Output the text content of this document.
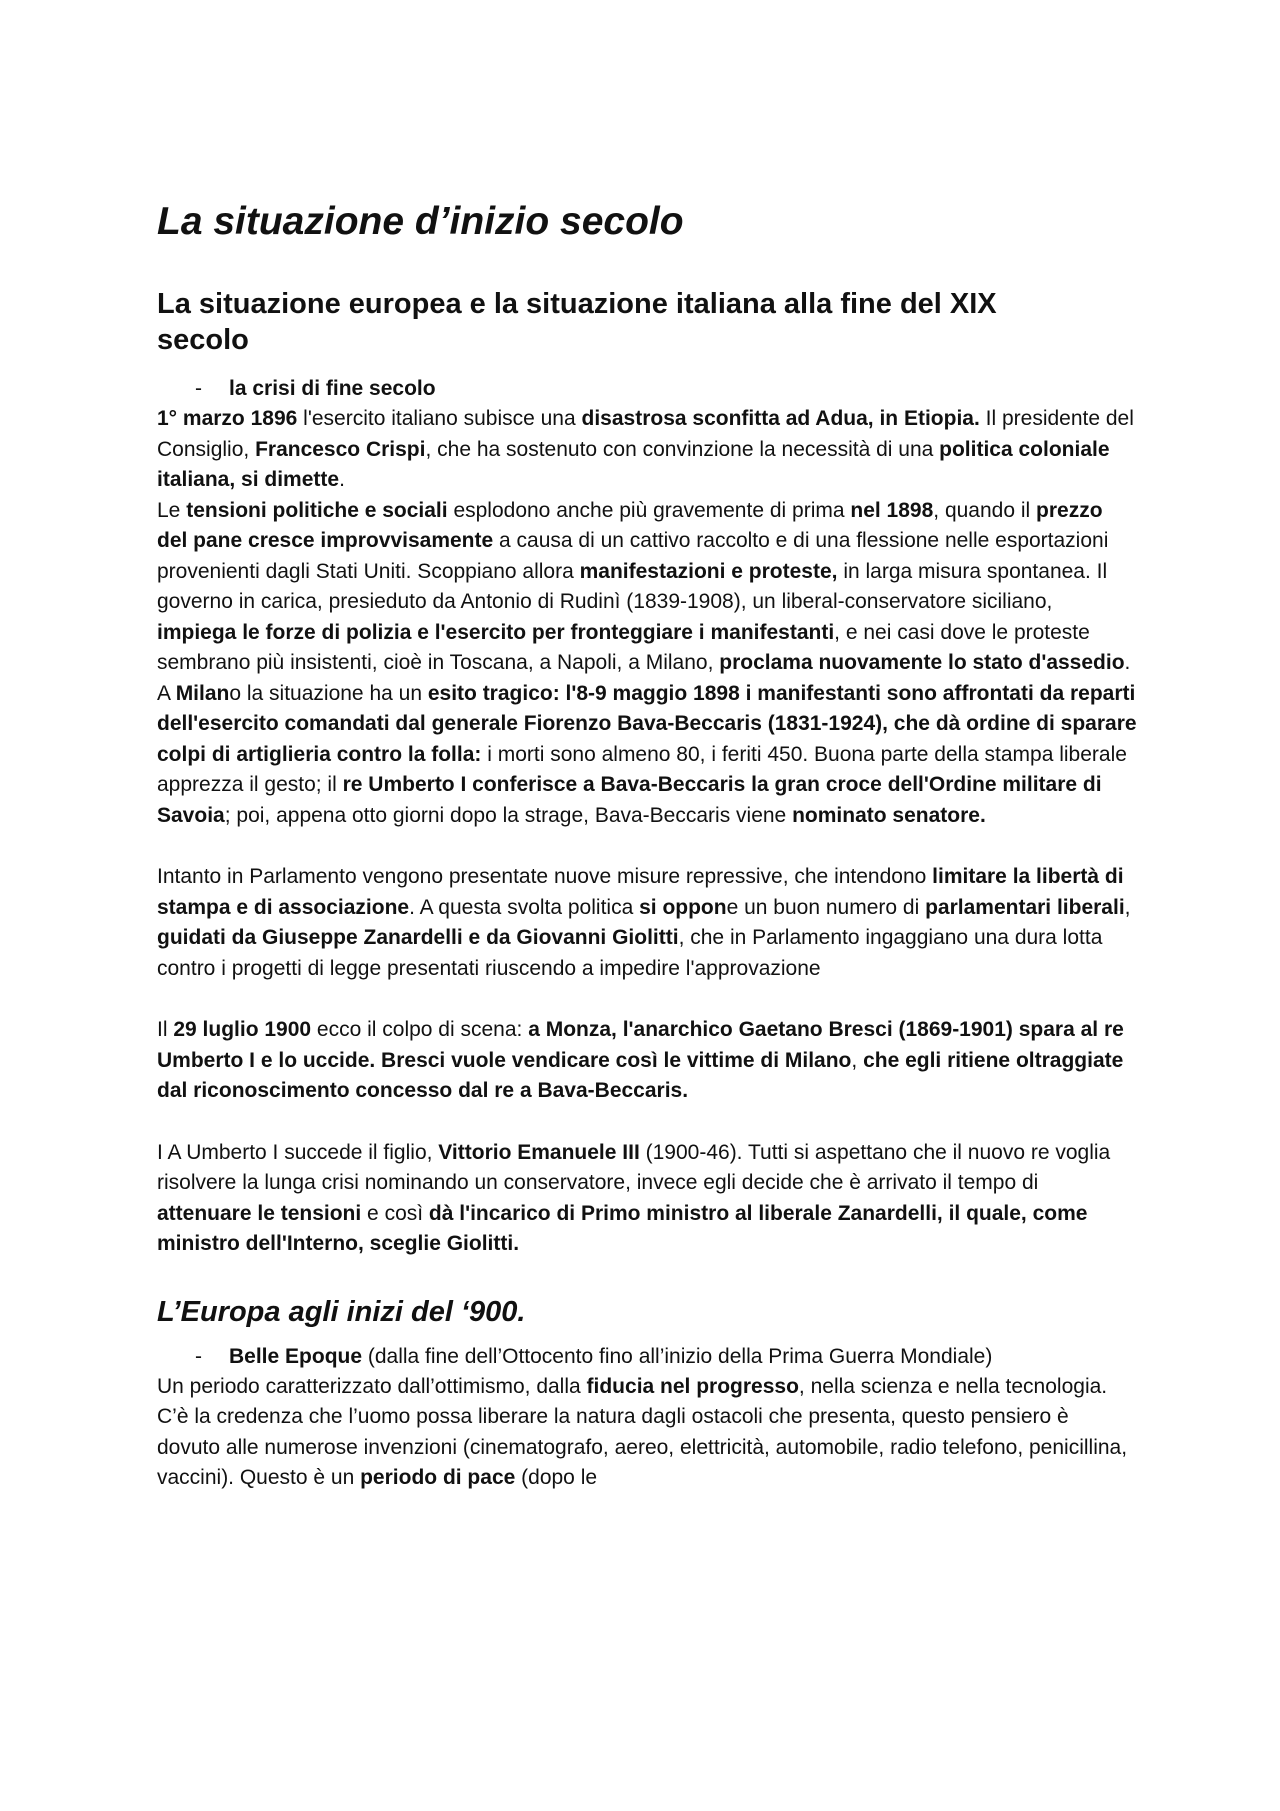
La situazione d’inizio secolo
La situazione europea e la situazione italiana alla fine del XIX secolo
- la crisi di fine secolo

1° marzo 1896 l'esercito italiano subisce una disastrosa sconfitta ad Adua, in Etiopia. Il presidente del Consiglio, Francesco Crispi, che ha sostenuto con convinzione la necessità di una politica coloniale italiana, si dimette.

Le tensioni politiche e sociali esplodono anche più gravemente di prima nel 1898, quando il prezzo del pane cresce improvvisamente a causa di un cattivo raccolto e di una flessione nelle esportazioni provenienti dagli Stati Uniti. Scoppiano allora manifestazioni e proteste, in larga misura spontanea. Il governo in carica, presieduto da Antonio di Rudinì (1839-1908), un liberal-conservatore siciliano, impiega le forze di polizia e l'esercito per fronteggiare i manifestanti, e nei casi dove le proteste sembrano più insistenti, cioè in Toscana, a Napoli, a Milano, proclama nuovamente lo stato d'assedio. A Milano la situazione ha un esito tragico: l'8-9 maggio 1898 i manifestanti sono affrontati da reparti dell'esercito comandati dal generale Fiorenzo Bava-Beccaris (1831-1924), che dà ordine di sparare colpi di artiglieria contro la folla: i morti sono almeno 80, i feriti 450. Buona parte della stampa liberale apprezza il gesto; il re Umberto I conferisce a Bava-Beccaris la gran croce dell'Ordine militare di Savoia; poi, appena otto giorni dopo la strage, Bava-Beccaris viene nominato senatore.

Intanto in Parlamento vengono presentate nuove misure repressive, che intendono limitare la libertà di stampa e di associazione. A questa svolta politica si oppone un buon numero di parlamentari liberali, guidati da Giuseppe Zanardelli e da Giovanni Giolitti, che in Parlamento ingaggiano una dura lotta contro i progetti di legge presentati riuscendo a impedire l'approvazione

Il 29 luglio 1900 ecco il colpo di scena: a Monza, l'anarchico Gaetano Bresci (1869-1901) spara al re Umberto I e lo uccide. Bresci vuole vendicare così le vittime di Milano, che egli ritiene oltraggiate dal riconoscimento concesso dal re a Bava-Beccaris.

I A Umberto I succede il figlio, Vittorio Emanuele III (1900-46). Tutti si aspettano che il nuovo re voglia risolvere la lunga crisi nominando un conservatore, invece egli decide che è arrivato il tempo di attenuare le tensioni e così dà l'incarico di Primo ministro al liberale Zanardelli, il quale, come ministro dell'Interno, sceglie Giolitti.

L’Europa agli inizi del ‘900.
- Belle Epoque (dalla fine dell’Ottocento fino all’inizio della Prima Guerra Mondiale)

Un periodo caratterizzato dall’ottimismo, dalla fiducia nel progresso, nella scienza e nella tecnologia. C’è la credenza che l’uomo possa liberare la natura dagli ostacoli che presenta, questo pensiero è dovuto alle numerose invenzioni (cinematografo, aereo, elettricità, automobile, radio telefono, penicillina, vaccini). Questo è un periodo di pace (dopo le
